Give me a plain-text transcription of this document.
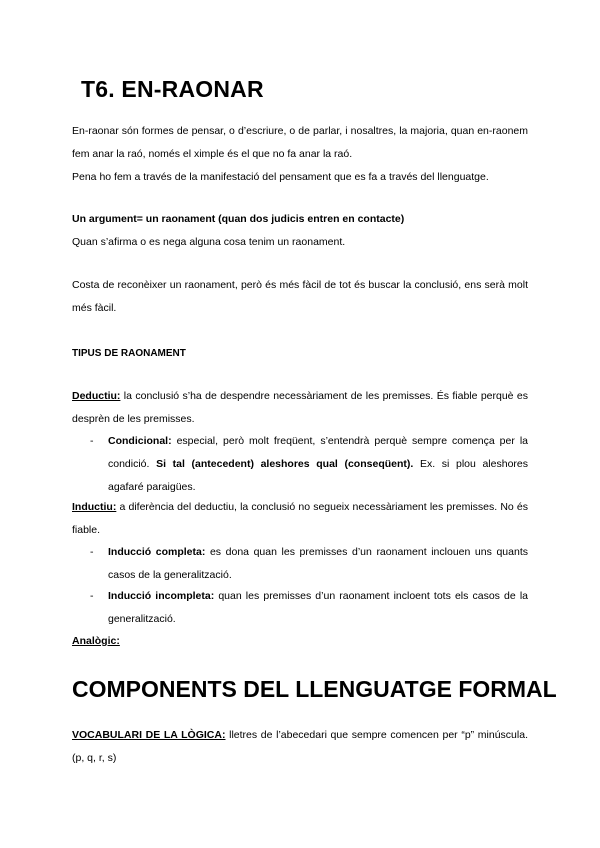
T6. EN-RAONAR

En-raonar són formes de pensar, o d’escriure, o de parlar, i nosaltres, la majoria, quan en-raonem fem anar la raó, només el ximple és el que no fa anar la raó.

Pena ho fem a través de la manifestació del pensament que es fa a través del llenguatge.

Un argument= un raonament (quan dos judicis entren en contacte)

Quan s’afirma o es nega alguna cosa tenim un raonament.

Costa de reconèixer un raonament, però és més fàcil de tot és buscar la conclusió, ens serà molt més fàcil.

TIPUS DE RAONAMENT

Deductiu: la conclusió s’ha de despendre necessàriament de les premisses. És fiable perquè es desprèn de les premisses.

- Condicional: especial, però molt freqüent, s’entendrà perquè sempre comença per la condició. Si tal (antecedent) aleshores qual (conseqüent). Ex. si plou aleshores agafaré paraigües.

Inductiu: a diferència del deductiu, la conclusió no segueix necessàriament les premisses. No és fiable.

- Inducció completa: es dona quan les premisses d’un raonament inclouen uns quants casos de la generalització.
- Inducció incompleta: quan les premisses d’un raonament incloent tots els casos de la generalització.

Analògic:

COMPONENTS DEL LLENGUATGE FORMAL

VOCABULARI DE LA LÒGICA: lletres de l’abecedari que sempre comencen per “p” minúscula. (p, q, r, s)
